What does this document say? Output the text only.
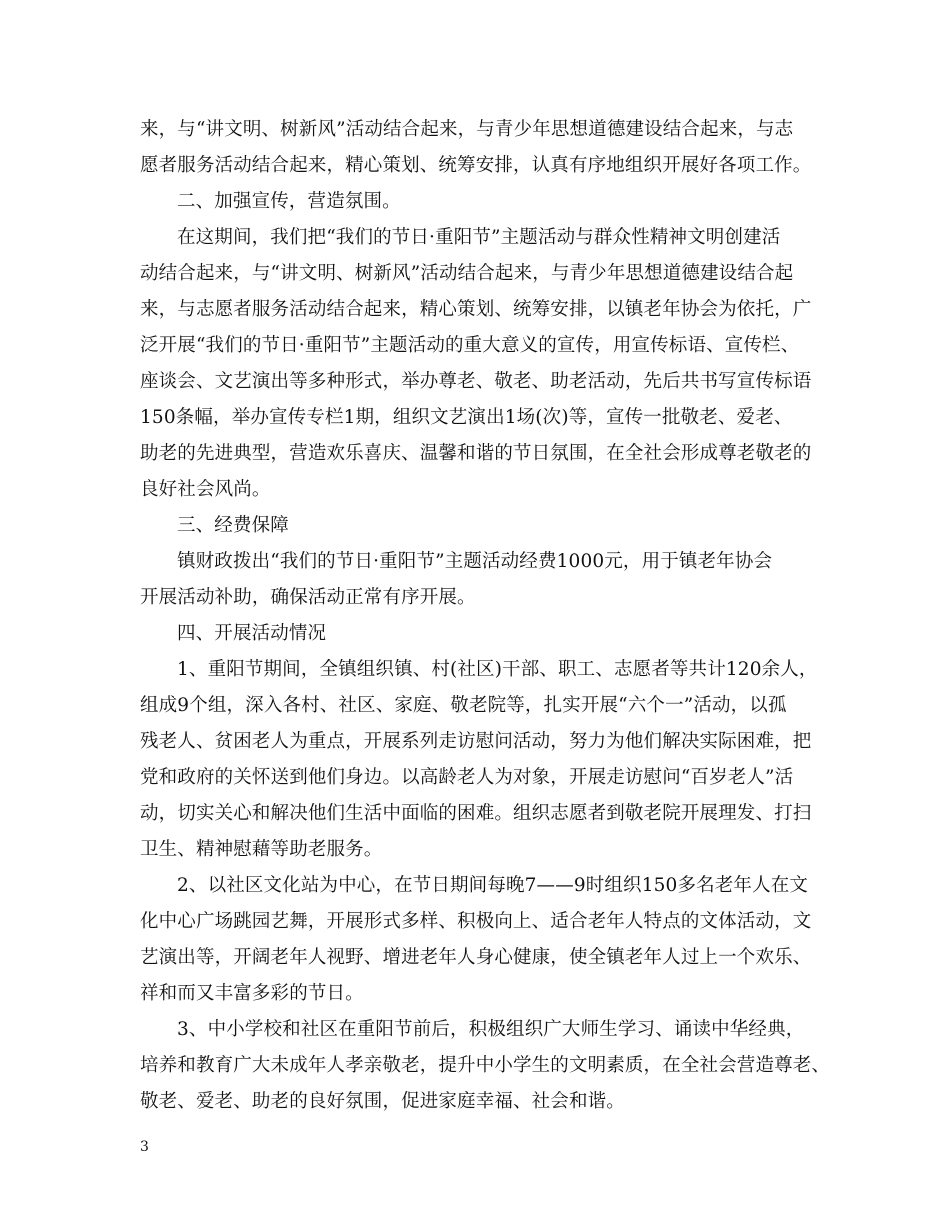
来，与“讲文明、树新风”活动结合起来，与青少年思想道德建设结合起来，与志
愿者服务活动结合起来，精心策划、统筹安排，认真有序地组织开展好各项工作。
二、加强宣传，营造氛围。
在这期间，我们把“我们的节日·重阳节”主题活动与群众性精神文明创建活
动结合起来，与“讲文明、树新风”活动结合起来，与青少年思想道德建设结合起
来，与志愿者服务活动结合起来，精心策划、统筹安排，以镇老年协会为依托，广
泛开展“我们的节日·重阳节”主题活动的重大意义的宣传，用宣传标语、宣传栏、
座谈会、文艺演出等多种形式，举办尊老、敬老、助老活动，先后共书写宣传标语
150条幅，举办宣传专栏1期，组织文艺演出1场(次)等，宣传一批敬老、爱老、
助老的先进典型，营造欢乐喜庆、温馨和谐的节日氛围，在全社会形成尊老敬老的
良好社会风尚。
三、经费保障
镇财政拨出“我们的节日·重阳节”主题活动经费1000元，用于镇老年协会
开展活动补助，确保活动正常有序开展。
四、开展活动情况
1、重阳节期间，全镇组织镇、村(社区)干部、职工、志愿者等共计120余人，
组成9个组，深入各村、社区、家庭、敬老院等，扎实开展“六个一”活动，以孤
残老人、贫困老人为重点，开展系列走访慰问活动，努力为他们解决实际困难，把
党和政府的关怀送到他们身边。以高龄老人为对象，开展走访慰问“百岁老人”活
动，切实关心和解决他们生活中面临的困难。组织志愿者到敬老院开展理发、打扫
卫生、精神慰藉等助老服务。
2、以社区文化站为中心，在节日期间每晚7——9时组织150多名老年人在文
化中心广场跳园艺舞，开展形式多样、积极向上、适合老年人特点的文体活动，文
艺演出等，开阔老年人视野、增进老年人身心健康，使全镇老年人过上一个欢乐、
祥和而又丰富多彩的节日。
3、中小学校和社区在重阳节前后，积极组织广大师生学习、诵读中华经典，
培养和教育广大未成年人孝亲敬老，提升中小学生的文明素质，在全社会营造尊老、
敬老、爱老、助老的良好氛围，促进家庭幸福、社会和谐。
3
